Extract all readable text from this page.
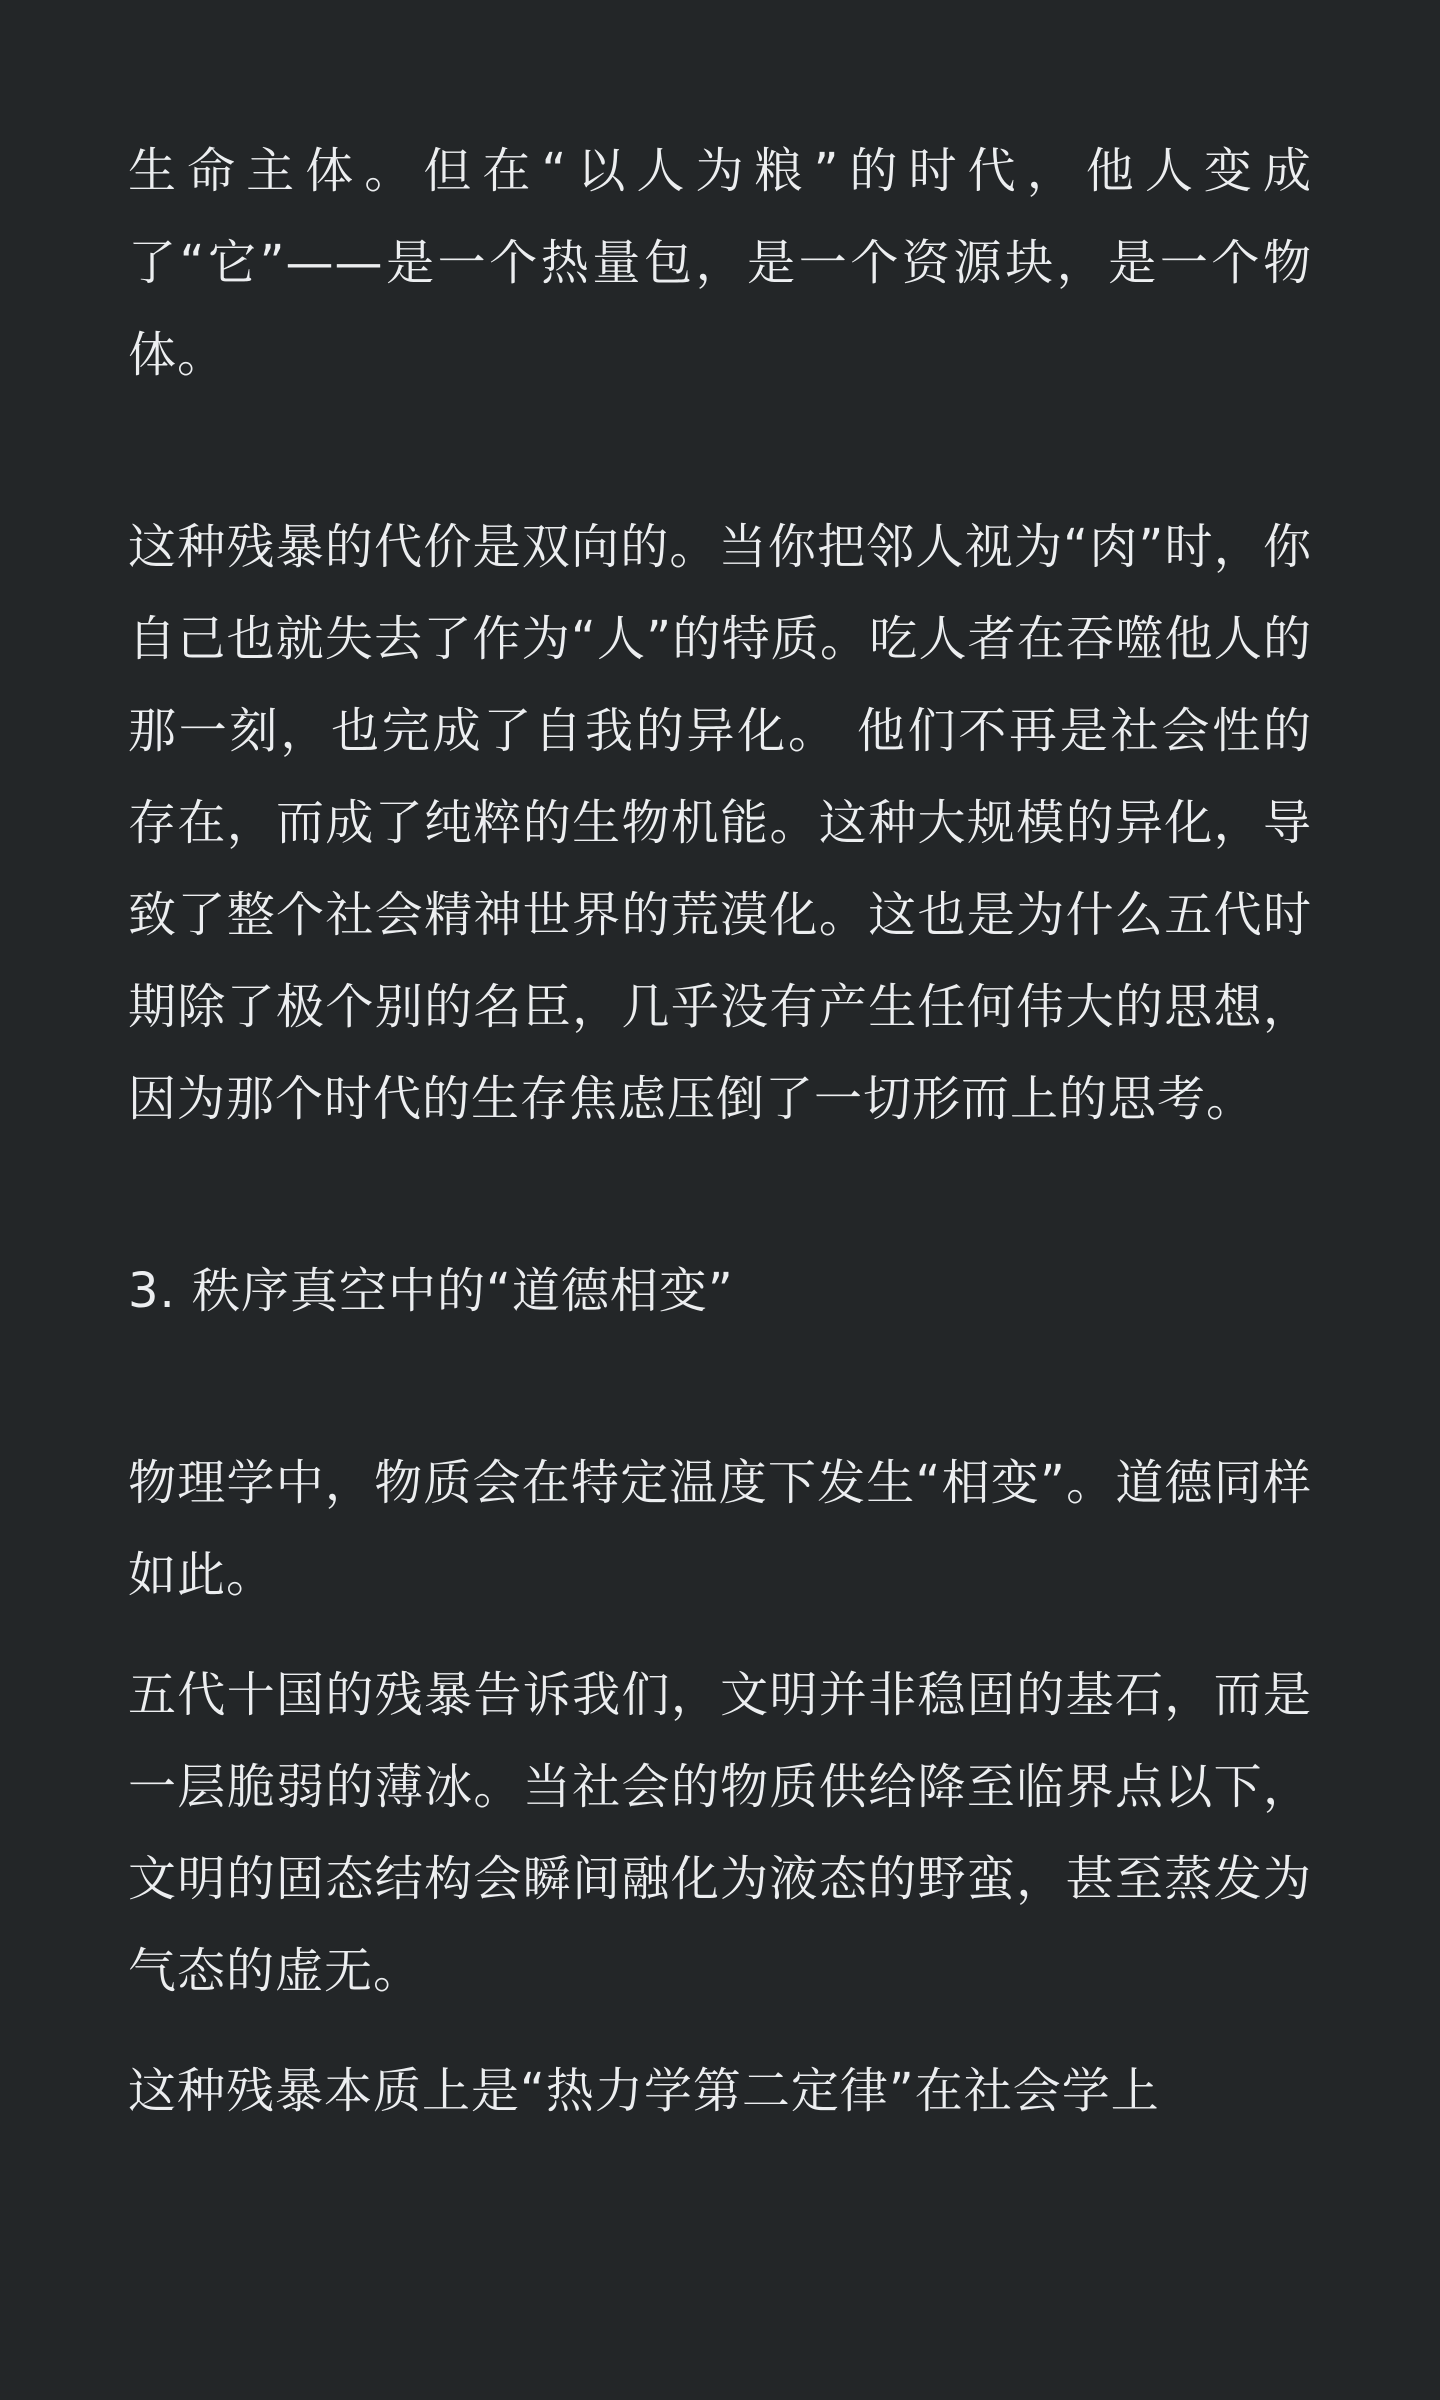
生命主体。但在“以人为粮”的时代，他人变成了“它”——是一个热量包，是一个资源块，是一个物体。

这种残暴的代价是双向的。当你把邻人视为“肉”时，你自己也就失去了作为“人”的特质。吃人者在吞噬他人的那一刻，也完成了自我的异化。 他们不再是社会性的存在，而成了纯粹的生物机能。这种大规模的异化，导致了整个社会精神世界的荒漠化。这也是为什么五代时期除了极个别的名臣，几乎没有产生任何伟大的思想，因为那个时代的生存焦虑压倒了一切形而上的思考。

3. 秩序真空中的“道德相变”

物理学中，物质会在特定温度下发生“相变”。道德同样如此。

五代十国的残暴告诉我们，文明并非稳固的基石，而是一层脆弱的薄冰。当社会的物质供给降至临界点以下，文明的固态结构会瞬间融化为液态的野蛮，甚至蒸发为气态的虚无。

这种残暴本质上是“热力学第二定律”在社会学上
